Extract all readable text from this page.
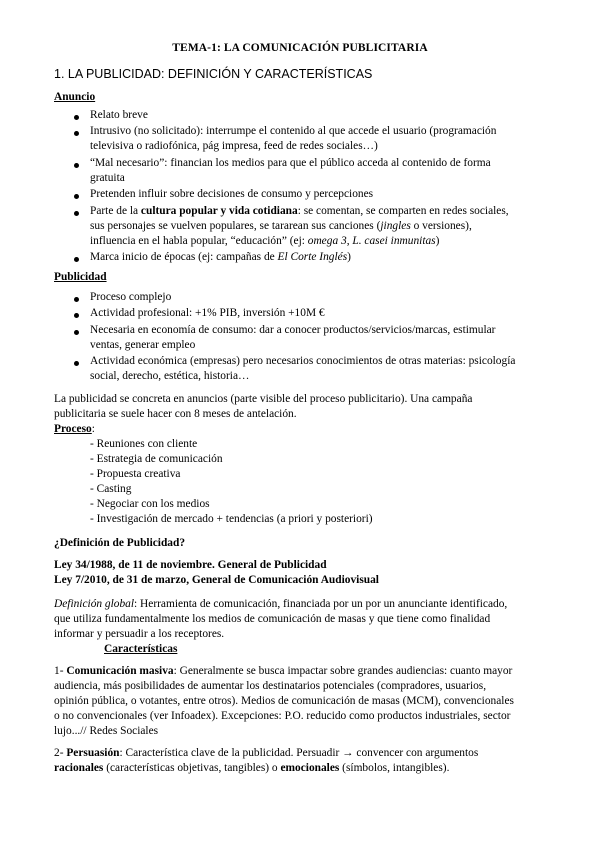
TEMA-1: LA COMUNICACIÓN PUBLICITARIA
1. LA PUBLICIDAD: DEFINICIÓN Y CARACTERÍSTICAS
Anuncio
Relato breve
Intrusivo (no solicitado): interrumpe el contenido al que accede el usuario (programación
televisiva o radiofónica, pág impresa, feed de redes sociales…)
“Mal necesario”: financian los medios para que el público acceda al contenido de forma
gratuita
Pretenden influir sobre decisiones de consumo y percepciones
Parte de la cultura popular y vida cotidiana: se comentan, se comparten en redes sociales,
sus personajes se vuelven populares, se tararean sus canciones (jingles o versiones),
influencia en el habla popular, “educación” (ej: omega 3, L. casei inmunitas)
Marca inicio de épocas (ej: campañas de El Corte Inglés)
Publicidad
Proceso complejo
Actividad profesional: +1% PIB, inversión +10M €
Necesaria en economía de consumo: dar a conocer productos/servicios/marcas, estimular
ventas, generar empleo
Actividad económica (empresas) pero necesarios conocimientos de otras materias: psicología
social, derecho, estética, historia…
La publicidad se concreta en anuncios (parte visible del proceso publicitario). Una campaña
publicitaria se suele hacer con 8 meses de antelación.
Proceso:
- Reuniones con cliente
- Estrategia de comunicación
- Propuesta creativa
- Casting
- Negociar con los medios
- Investigación de mercado + tendencias (a priori y posteriori)
¿Definición de Publicidad?
Ley 34/1988, de 11 de noviembre. General de Publicidad
Ley 7/2010, de 31 de marzo, General de Comunicación Audiovisual
Definición global: Herramienta de comunicación, financiada por un por un anunciante identificado,
que utiliza fundamentalmente los medios de comunicación de masas y que tiene como finalidad
informar y persuadir a los receptores.
Características
1- Comunicación masiva: Generalmente se busca impactar sobre grandes audiencias: cuanto mayor
audiencia, más posibilidades de aumentar los destinatarios potenciales (compradores, usuarios,
opinión pública, o votantes, entre otros). Medios de comunicación de masas (MCM), convencionales
o no convencionales (ver Infoadex). Excepciones: P.O. reducido como productos industriales, sector
lujo...// Redes Sociales
2- Persuasión: Característica clave de la publicidad. Persuadir → convencer con argumentos
racionales (características objetivas, tangibles) o emocionales (símbolos, intangibles).
